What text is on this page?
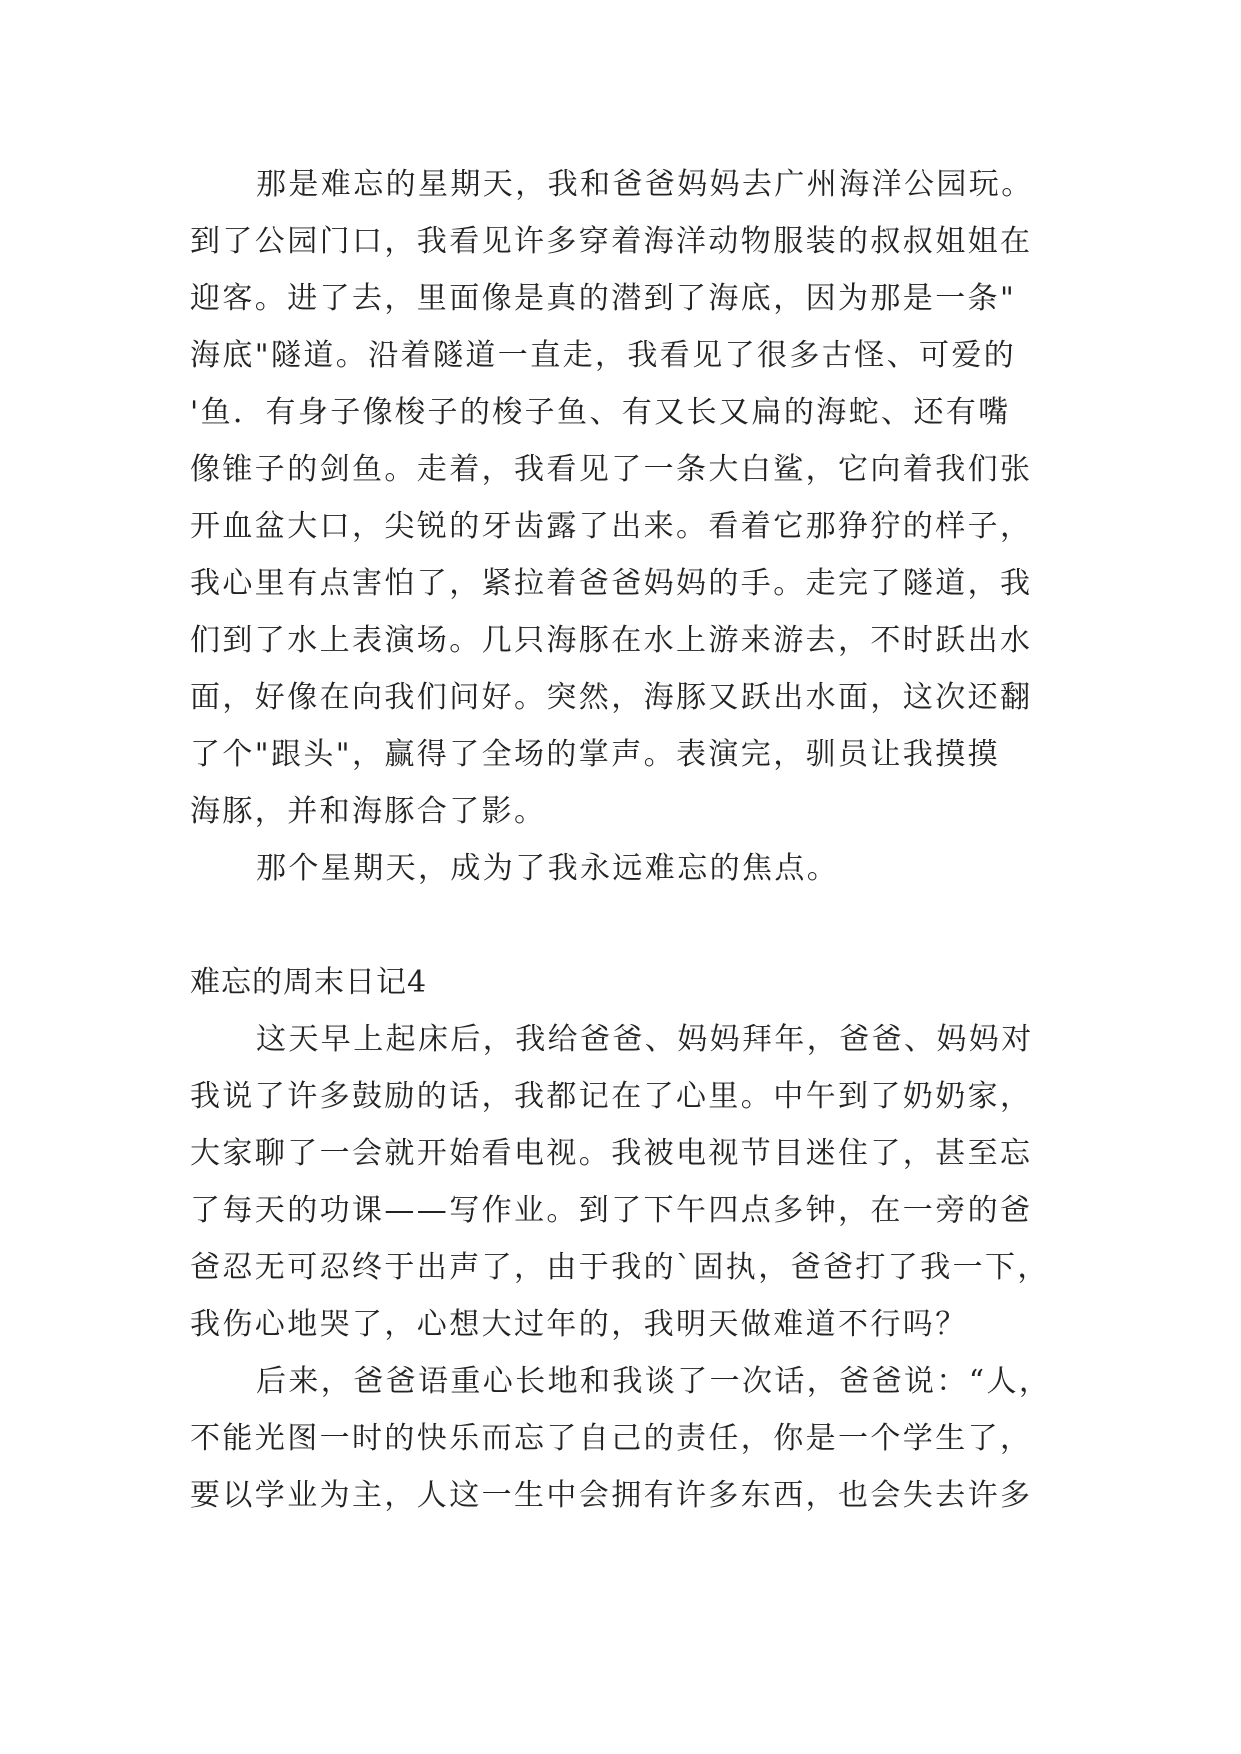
那是难忘的星期天，我和爸爸妈妈去广州海洋公园玩。
到了公园门口，我看见许多穿着海洋动物服装的叔叔姐姐在
迎客。进了去，里面像是真的潜到了海底，因为那是一条"
海底"隧道。沿着隧道一直走，我看见了很多古怪、可爱的
'鱼．有身子像梭子的梭子鱼、有又长又扁的海蛇、还有嘴
像锥子的剑鱼。走着，我看见了一条大白鲨，它向着我们张
开血盆大口，尖锐的牙齿露了出来。看着它那狰狞的样子，
我心里有点害怕了，紧拉着爸爸妈妈的手。走完了隧道，我
们到了水上表演场。几只海豚在水上游来游去，不时跃出水
面，好像在向我们问好。突然，海豚又跃出水面，这次还翻
了个"跟头"，赢得了全场的掌声。表演完，驯员让我摸摸
海豚，并和海豚合了影。
那个星期天，成为了我永远难忘的焦点。
难忘的周末日记4
这天早上起床后，我给爸爸、妈妈拜年，爸爸、妈妈对
我说了许多鼓励的话，我都记在了心里。中午到了奶奶家，
大家聊了一会就开始看电视。我被电视节目迷住了，甚至忘
了每天的功课——写作业。到了下午四点多钟，在一旁的爸
爸忍无可忍终于出声了，由于我的`固执，爸爸打了我一下，
我伤心地哭了，心想大过年的，我明天做难道不行吗？
后来，爸爸语重心长地和我谈了一次话，爸爸说：“人，
不能光图一时的快乐而忘了自己的责任，你是一个学生了，
要以学业为主，人这一生中会拥有许多东西，也会失去许多
